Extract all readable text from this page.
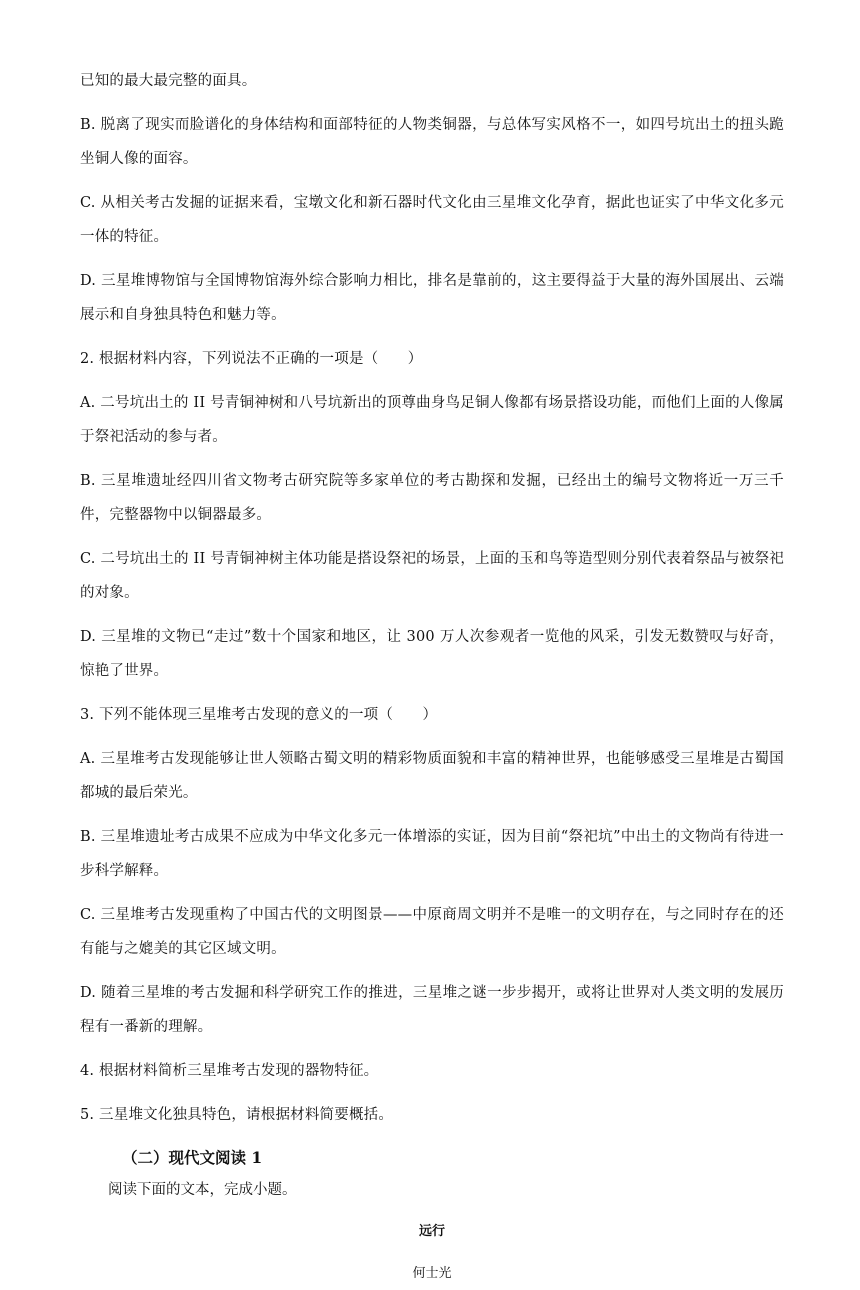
已知的最大最完整的面具。

B. 脱离了现实而脸谱化的身体结构和面部特征的人物类铜器，与总体写实风格不一，如四号坑出土的扭头跪坐铜人像的面容。

C. 从相关考古发掘的证据来看，宝墩文化和新石器时代文化由三星堆文化孕育，据此也证实了中华文化多元一体的特征。

D. 三星堆博物馆与全国博物馆海外综合影响力相比，排名是靠前的，这主要得益于大量的海外国展出、云端展示和自身独具特色和魅力等。

2. 根据材料内容，下列说法不正确的一项是（　　）

A. 二号坑出土的 II 号青铜神树和八号坑新出的顶尊曲身鸟足铜人像都有场景搭设功能，而他们上面的人像属于祭祀活动的参与者。

B. 三星堆遗址经四川省文物考古研究院等多家单位的考古勘探和发掘，已经出土的编号文物将近一万三千件，完整器物中以铜器最多。

C. 二号坑出土的 II 号青铜神树主体功能是搭设祭祀的场景，上面的玉和鸟等造型则分别代表着祭品与被祭祀的对象。

D. 三星堆的文物已“走过”数十个国家和地区，让 300 万人次参观者一览他的风采，引发无数赞叹与好奇，惊艳了世界。

3. 下列不能体现三星堆考古发现的意义的一项（　　）

A. 三星堆考古发现能够让世人领略古蜀文明的精彩物质面貌和丰富的精神世界，也能够感受三星堆是古蜀国都城的最后荣光。

B. 三星堆遗址考古成果不应成为中华文化多元一体增添的实证，因为目前“祭祀坑”中出土的文物尚有待进一步科学解释。

C. 三星堆考古发现重构了中国古代的文明图景——中原商周文明并不是唯一的文明存在，与之同时存在的还有能与之媲美的其它区域文明。

D. 随着三星堆的考古发掘和科学研究工作的推进，三星堆之谜一步步揭开，或将让世界对人类文明的发展历程有一番新的理解。

4. 根据材料简析三星堆考古发现的器物特征。

5. 三星堆文化独具特色，请根据材料简要概括。

（二）现代文阅读 1

阅读下面的文本，完成小题。

远行

何士光
